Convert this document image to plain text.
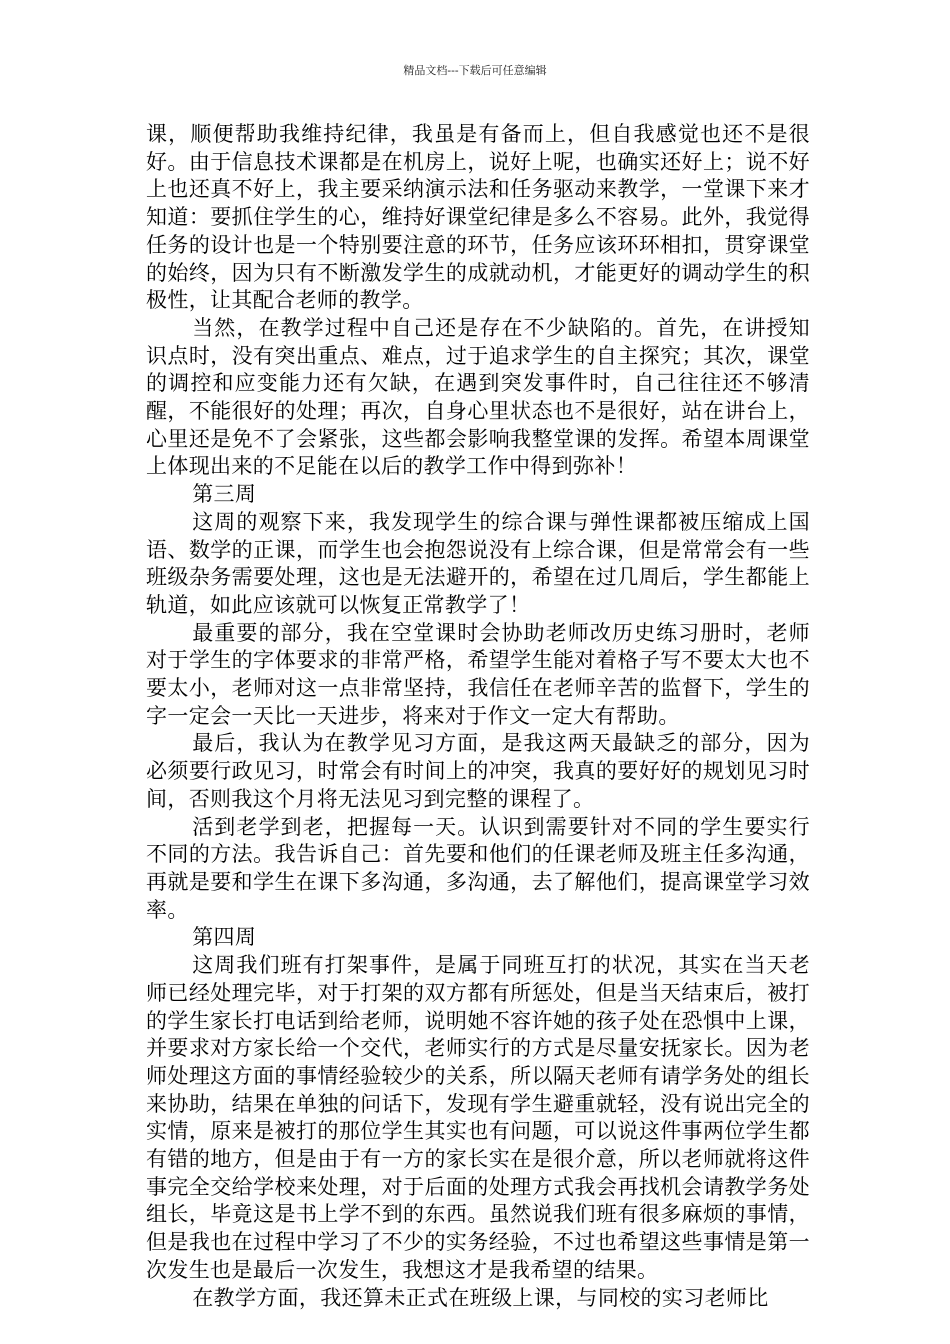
精品文档---下载后可任意编辑

课，顺便帮助我维持纪律，我虽是有备而上，但自我感觉也还不是很好。由于信息技术课都是在机房上，说好上呢，也确实还好上；说不好上也还真不好上，我主要采纳演示法和任务驱动来教学，一堂课下来才知道：要抓住学生的心，维持好课堂纪律是多么不容易。此外，我觉得任务的设计也是一个特别要注意的环节，任务应该环环相扣，贯穿课堂的始终，因为只有不断激发学生的成就动机，才能更好的调动学生的积极性，让其配合老师的教学。

当然，在教学过程中自己还是存在不少缺陷的。首先，在讲授知识点时，没有突出重点、难点，过于追求学生的自主探究；其次，课堂的调控和应变能力还有欠缺，在遇到突发事件时，自己往往还不够清醒，不能很好的处理；再次，自身心里状态也不是很好，站在讲台上，心里还是免不了会紧张，这些都会影响我整堂课的发挥。希望本周课堂上体现出来的不足能在以后的教学工作中得到弥补！

第三周

这周的观察下来，我发现学生的综合课与弹性课都被压缩成上国语、数学的正课，而学生也会抱怨说没有上综合课，但是常常会有一些班级杂务需要处理，这也是无法避开的，希望在过几周后，学生都能上轨道，如此应该就可以恢复正常教学了！

最重要的部分，我在空堂课时会协助老师改历史练习册时，老师对于学生的字体要求的非常严格，希望学生能对着格子写不要太大也不要太小，老师对这一点非常坚持，我信任在老师辛苦的监督下，学生的字一定会一天比一天进步，将来对于作文一定大有帮助。

最后，我认为在教学见习方面，是我这两天最缺乏的部分，因为必须要行政见习，时常会有时间上的冲突，我真的要好好的规划见习时间，否则我这个月将无法见习到完整的课程了。

活到老学到老，把握每一天。认识到需要针对不同的学生要实行不同的方法。我告诉自己：首先要和他们的任课老师及班主任多沟通，再就是要和学生在课下多沟通，多沟通，去了解他们，提高课堂学习效率。

第四周

这周我们班有打架事件，是属于同班互打的状况，其实在当天老师已经处理完毕，对于打架的双方都有所惩处，但是当天结束后，被打的学生家长打电话到给老师，说明她不容许她的孩子处在恐惧中上课，并要求对方家长给一个交代，老师实行的方式是尽量安抚家长。因为老师处理这方面的事情经验较少的关系，所以隔天老师有请学务处的组长来协助，结果在单独的问话下，发现有学生避重就轻，没有说出完全的实情，原来是被打的那位学生其实也有问题，可以说这件事两位学生都有错的地方，但是由于有一方的家长实在是很介意，所以老师就将这件事完全交给学校来处理，对于后面的处理方式我会再找机会请教学务处组长，毕竟这是书上学不到的东西。虽然说我们班有很多麻烦的事情，但是我也在过程中学习了不少的实务经验，不过也希望这些事情是第一次发生也是最后一次发生，我想这才是我希望的结果。

在教学方面，我还算未正式在班级上课，与同校的实习老师比
